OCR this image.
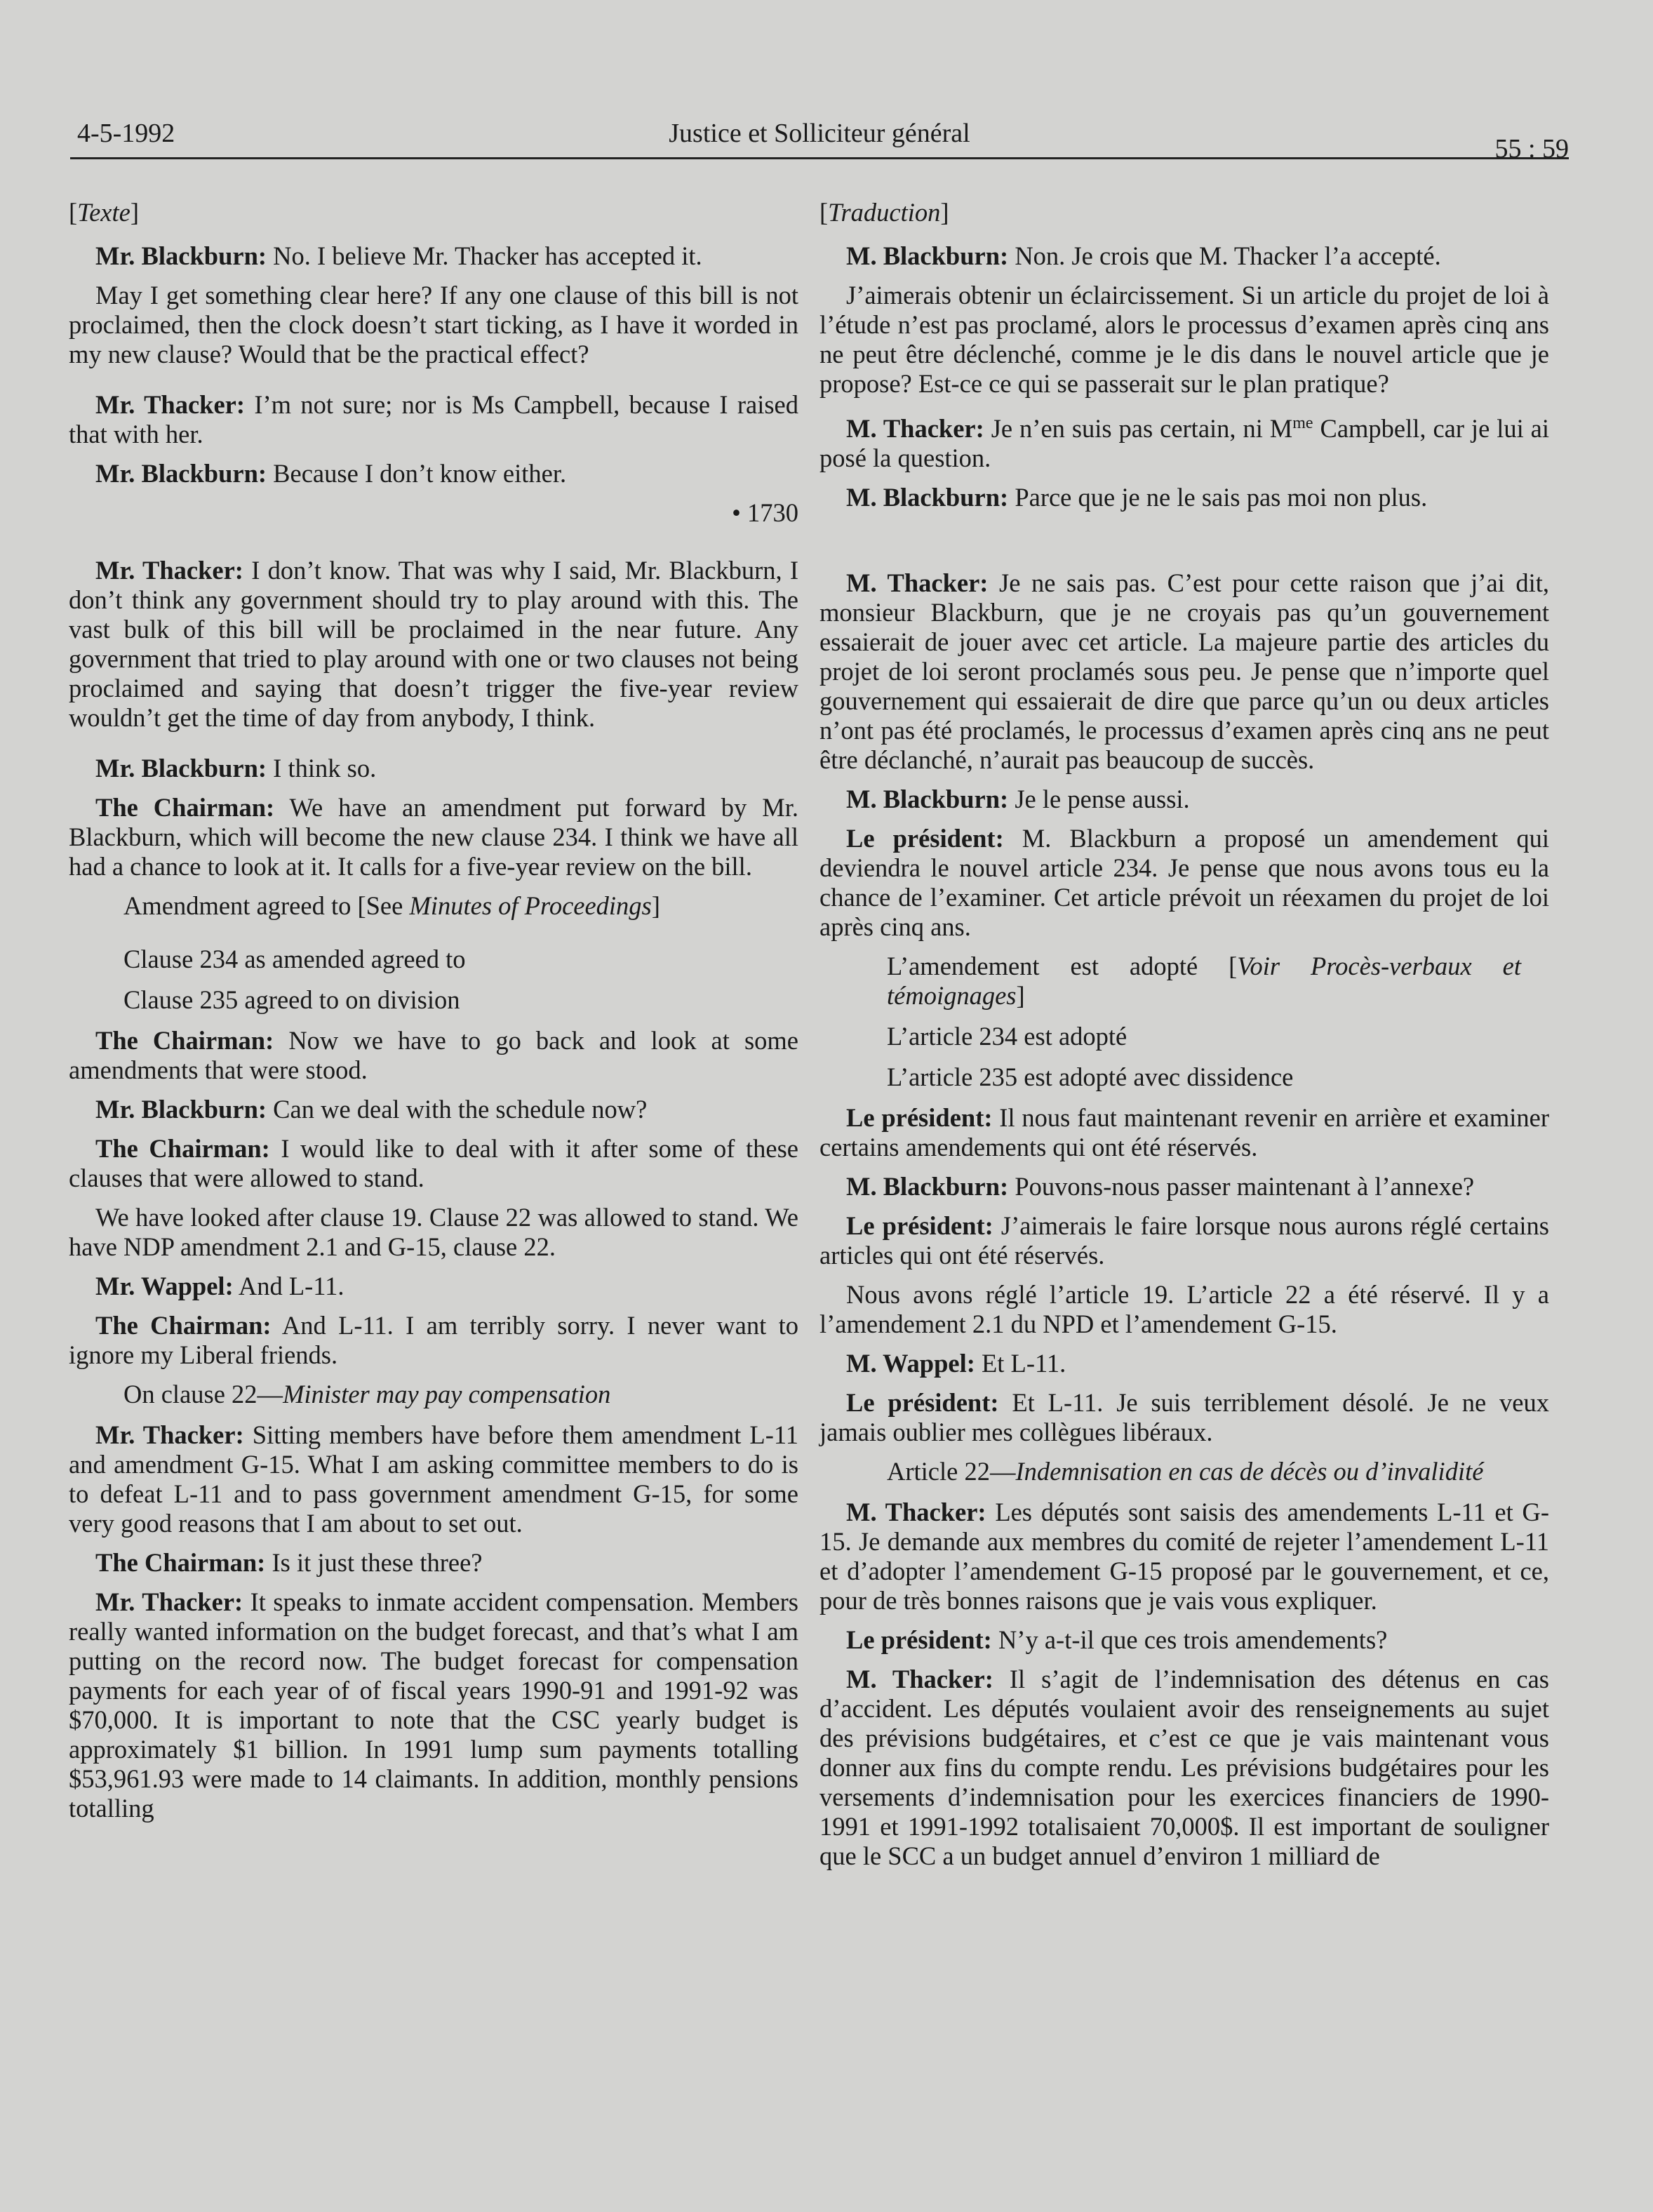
4-5-1992	Justice et Solliciteur général
55 : 59

[Texte]

Mr. Blackburn: No. I believe Mr. Thacker has accepted it.

May I get something clear here? If any one clause of this bill is not proclaimed, then the clock doesn’t start ticking, as I have it worded in my new clause? Would that be the practical effect?

Mr. Thacker: I’m not sure; nor is Ms Campbell, because I raised that with her.

Mr. Blackburn: Because I don’t know either.

• 1730

Mr. Thacker: I don’t know. That was why I said, Mr. Blackburn, I don’t think any government should try to play around with this. The vast bulk of this bill will be proclaimed in the near future. Any government that tried to play around with one or two clauses not being proclaimed and saying that doesn’t trigger the five-year review wouldn’t get the time of day from anybody, I think.

Mr. Blackburn: I think so.

The Chairman: We have an amendment put forward by Mr. Blackburn, which will become the new clause 234. I think we have all had a chance to look at it. It calls for a five-year review on the bill.

Amendment agreed to [See Minutes of Proceedings]

Clause 234 as amended agreed to

Clause 235 agreed to on division

The Chairman: Now we have to go back and look at some amendments that were stood.

Mr. Blackburn: Can we deal with the schedule now?

The Chairman: I would like to deal with it after some of these clauses that were allowed to stand.

We have looked after clause 19. Clause 22 was allowed to stand. We have NDP amendment 2.1 and G-15, clause 22.

Mr. Wappel: And L-11.

The Chairman: And L-11. I am terribly sorry. I never want to ignore my Liberal friends.

On clause 22—Minister may pay compensation

Mr. Thacker: Sitting members have before them amendment L-11 and amendment G-15. What I am asking committee members to do is to defeat L-11 and to pass government amendment G-15, for some very good reasons that I am about to set out.

The Chairman: Is it just these three?

Mr. Thacker: It speaks to inmate accident compensation. Members really wanted information on the budget forecast, and that’s what I am putting on the record now. The budget forecast for compensation payments for each year of of fiscal years 1990-91 and 1991-92 was $70,000. It is important to note that the CSC yearly budget is approximately $1 billion. In 1991 lump sum payments totalling $53,961.93 were made to 14 claimants. In addition, monthly pensions totalling

[Traduction]

M. Blackburn: Non. Je crois que M. Thacker l’a accepté.

J’aimerais obtenir un éclaircissement. Si un article du projet de loi à l’étude n’est pas proclamé, alors le processus d’examen après cinq ans ne peut être déclenché, comme je le dis dans le nouvel article que je propose? Est-ce ce qui se passerait sur le plan pratique?

M. Thacker: Je n’en suis pas certain, ni $M^{me}$ Campbell, car je lui ai posé la question.

M. Blackburn: Parce que je ne le sais pas moi non plus.

M. Thacker: Je ne sais pas. C’est pour cette raison que j’ai dit, monsieur Blackburn, que je ne croyais pas qu’un gouvernement essaierait de jouer avec cet article. La majeure partie des articles du projet de loi seront proclamés sous peu. Je pense que n’importe quel gouvernement qui essaierait de dire que parce qu’un ou deux articles n’ont pas été proclamés, le processus d’examen après cinq ans ne peut être déclanché, n’aurait pas beaucoup de succès.

M. Blackburn: Je le pense aussi.

Le président: M. Blackburn a proposé un amendement qui deviendra le nouvel article 234. Je pense que nous avons tous eu la chance de l’examiner. Cet article prévoit un réexamen du projet de loi après cinq ans.

L’amendement est adopté [Voir Procès-verbaux et témoignages]

L’article 234 est adopté

L’article 235 est adopté avec dissidence

Le président: Il nous faut maintenant revenir en arrière et examiner certains amendements qui ont été réservés.

M. Blackburn: Pouvons-nous passer maintenant à l’annexe?

Le président: J’aimerais le faire lorsque nous aurons réglé certains articles qui ont été réservés.

Nous avons réglé l’article 19. L’article 22 a été réservé. Il y a l’amendement 2.1 du NPD et l’amendement G-15.

M. Wappel: Et L-11.

Le président: Et L-11. Je suis terriblement désolé. Je ne veux jamais oublier mes collègues libéraux.

Article 22—Indemnisation en cas de décès ou d’invalidité

M. Thacker: Les députés sont saisis des amendements L-11 et G-15. Je demande aux membres du comité de rejeter l’amendement L-11 et d’adopter l’amendement G-15 proposé par le gouvernement, et ce, pour de très bonnes raisons que je vais vous expliquer.

Le président: N’y a-t-il que ces trois amendements?

M. Thacker: Il s’agit de l’indemnisation des détenus en cas d’accident. Les députés voulaient avoir des renseignements au sujet des prévisions budgétaires, et c’est ce que je vais maintenant vous donner aux fins du compte rendu. Les prévisions budgétaires pour les versements d’indemnisation pour les exercices financiers de 1990-1991 et 1991-1992 totalisaient 70,000$. Il est important de souligner que le SCC a un budget annuel d’environ 1 milliard de
